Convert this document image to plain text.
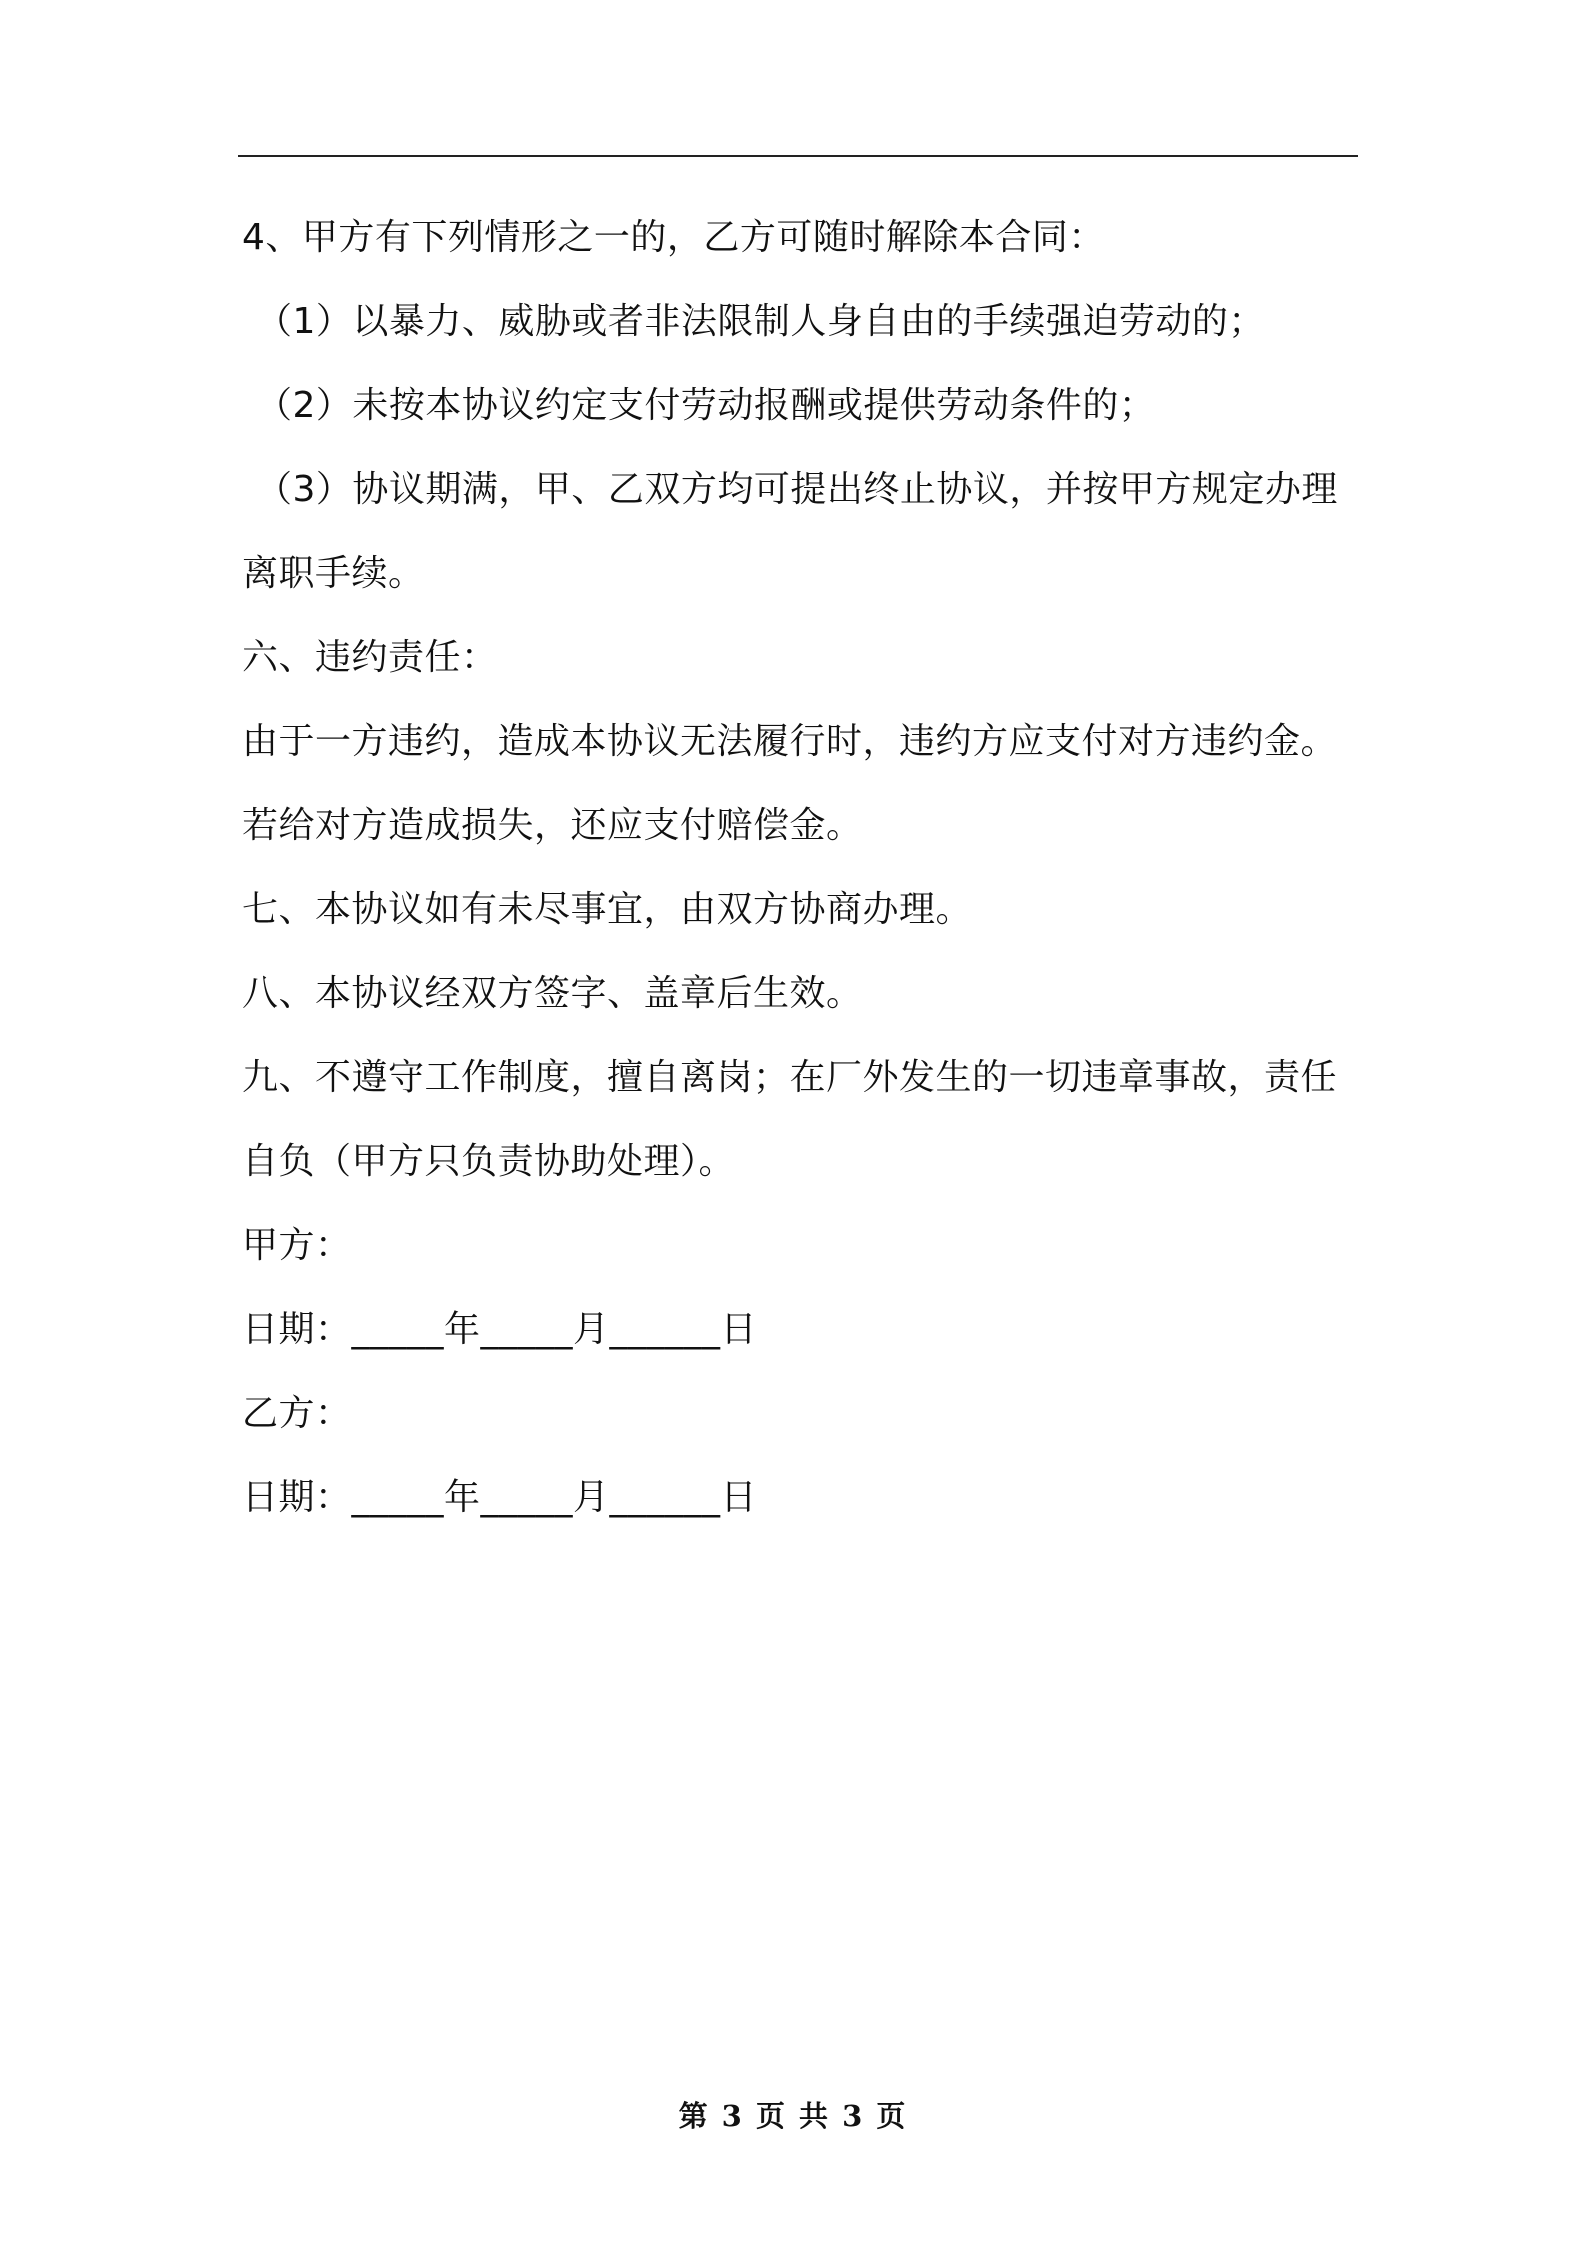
4、甲方有下列情形之一的，乙方可随时解除本合同：
（1）以暴力、威胁或者非法限制人身自由的手续强迫劳动的；
（2）未按本协议约定支付劳动报酬或提供劳动条件的；
（3）协议期满，甲、乙双方均可提出终止协议，并按甲方规定办理
离职手续。
六、违约责任：
由于一方违约，造成本协议无法履行时，违约方应支付对方违约金。
若给对方造成损失，还应支付赔偿金。
七、本协议如有未尽事宜，由双方协商办理。
八、本协议经双方签字、盖章后生效。
九、不遵守工作制度，擅自离岗；在厂外发生的一切违章事故，责任
自负（甲方只负责协助处理）。
甲方：
日期：_____年_____月______日
乙方：
日期：_____年_____月______日
第 3 页 共 3 页
